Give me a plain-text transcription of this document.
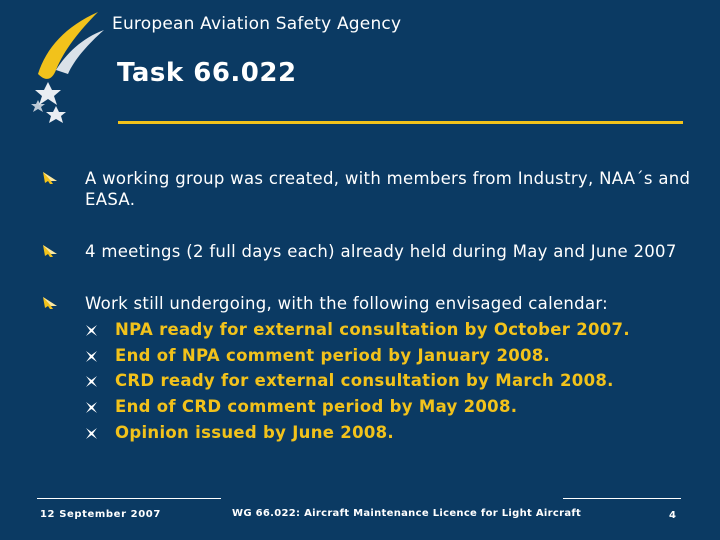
European Aviation Safety Agency
Task 66.022
A working group was created, with members from Industry, NAA´s and EASA.
4 meetings (2 full days each) already held during May and June 2007
Work still undergoing, with the following envisaged calendar:
NPA ready for external consultation by October 2007.
End of NPA comment period by January 2008.
CRD ready for external consultation by March 2008.
End of CRD comment period by May 2008.
Opinion issued by June 2008.
12 September 2007	WG 66.022: Aircraft Maintenance Licence for Light Aircraft	4
